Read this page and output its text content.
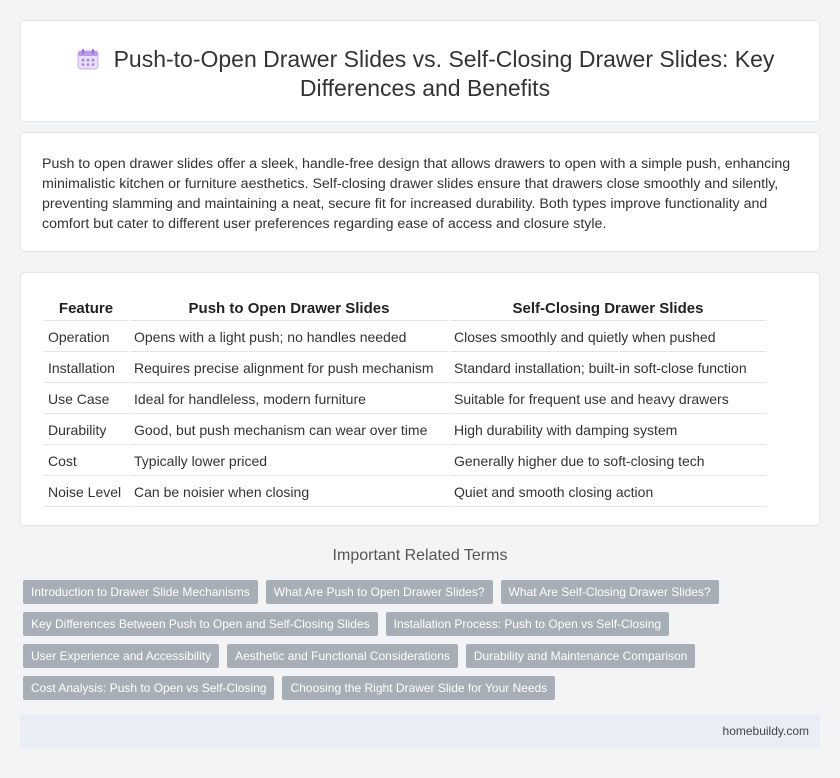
Push-to-Open Drawer Slides vs. Self-Closing Drawer Slides: Key Differences and Benefits

Push to open drawer slides offer a sleek, handle-free design that allows drawers to open with a simple push, enhancing minimalistic kitchen or furniture aesthetics. Self-closing drawer slides ensure that drawers close smoothly and silently, preventing slamming and maintaining a neat, secure fit for increased durability. Both types improve functionality and comfort but cater to different user preferences regarding ease of access and closure style.

Feature	Push to Open Drawer Slides	Self-Closing Drawer Slides
Operation	Opens with a light push; no handles needed	Closes smoothly and quietly when pushed
Installation	Requires precise alignment for push mechanism	Standard installation; built-in soft-close function
Use Case	Ideal for handleless, modern furniture	Suitable for frequent use and heavy drawers
Durability	Good, but push mechanism can wear over time	High durability with damping system
Cost	Typically lower priced	Generally higher due to soft-closing tech
Noise Level	Can be noisier when closing	Quiet and smooth closing action
Important Related Terms
Introduction to Drawer Slide Mechanisms	What Are Push to Open Drawer Slides?	What Are Self-Closing Drawer Slides?
Key Differences Between Push to Open and Self-Closing Slides	Installation Process: Push to Open vs Self-Closing
User Experience and Accessibility	Aesthetic and Functional Considerations	Durability and Maintenance Comparison
Cost Analysis: Push to Open vs Self-Closing	Choosing the Right Drawer Slide for Your Needs
homebuildy.com
